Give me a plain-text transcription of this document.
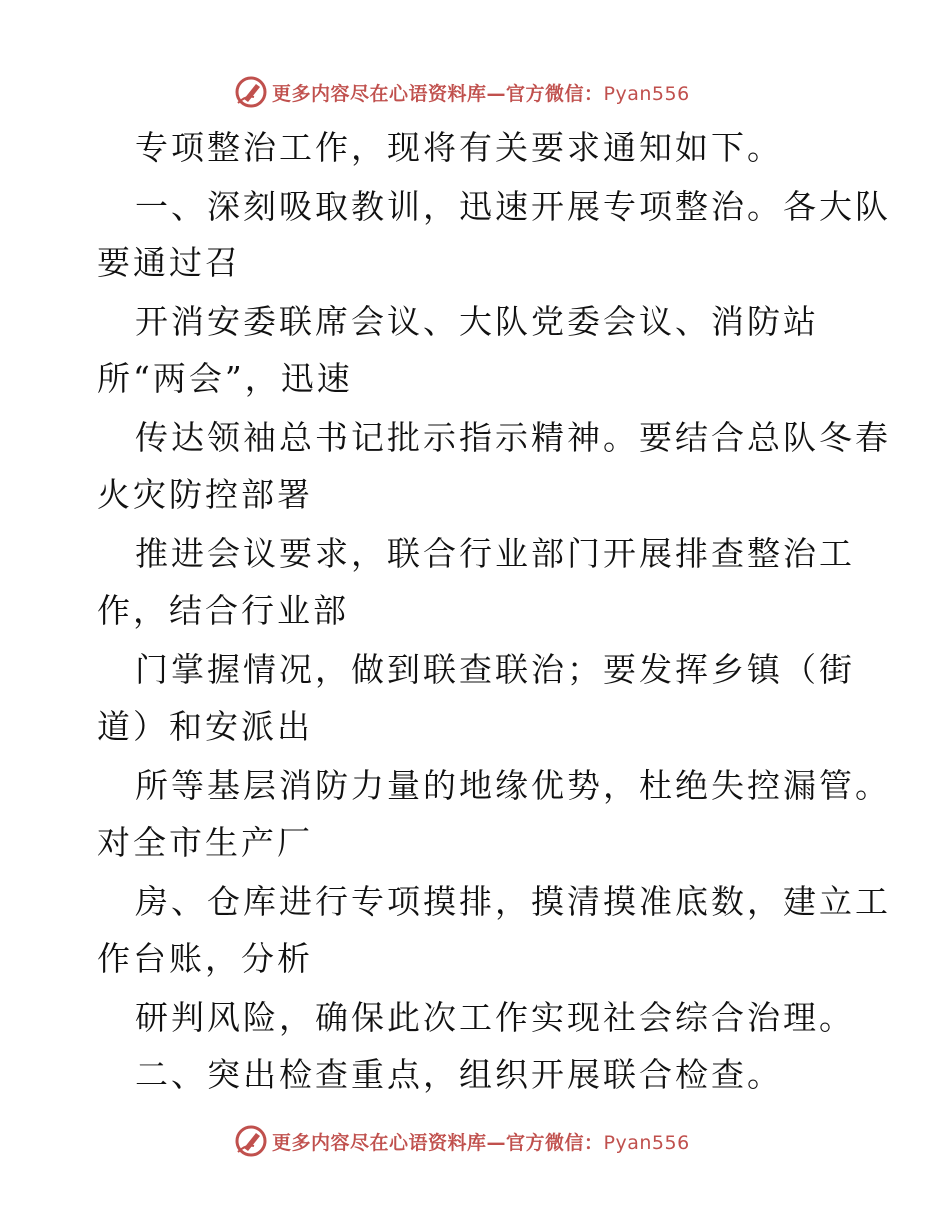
更多内容尽在心语资料库—官方微信：Pyan556
专项整治工作，现将有关要求通知如下。
一、深刻吸取教训，迅速开展专项整治。各大队
要通过召
开消安委联席会议、大队党委会议、消防站
所“两会”，迅速
传达领袖总书记批示指示精神。要结合总队冬春
火灾防控部署
推进会议要求，联合行业部门开展排查整治工
作，结合行业部
门掌握情况，做到联查联治；要发挥乡镇（街
道）和安派出
所等基层消防力量的地缘优势，杜绝失控漏管。
对全市生产厂
房、仓库进行专项摸排，摸清摸准底数，建立工
作台账，分析
研判风险，确保此次工作实现社会综合治理。
二、突出检查重点，组织开展联合检查。
更多内容尽在心语资料库—官方微信：Pyan556
